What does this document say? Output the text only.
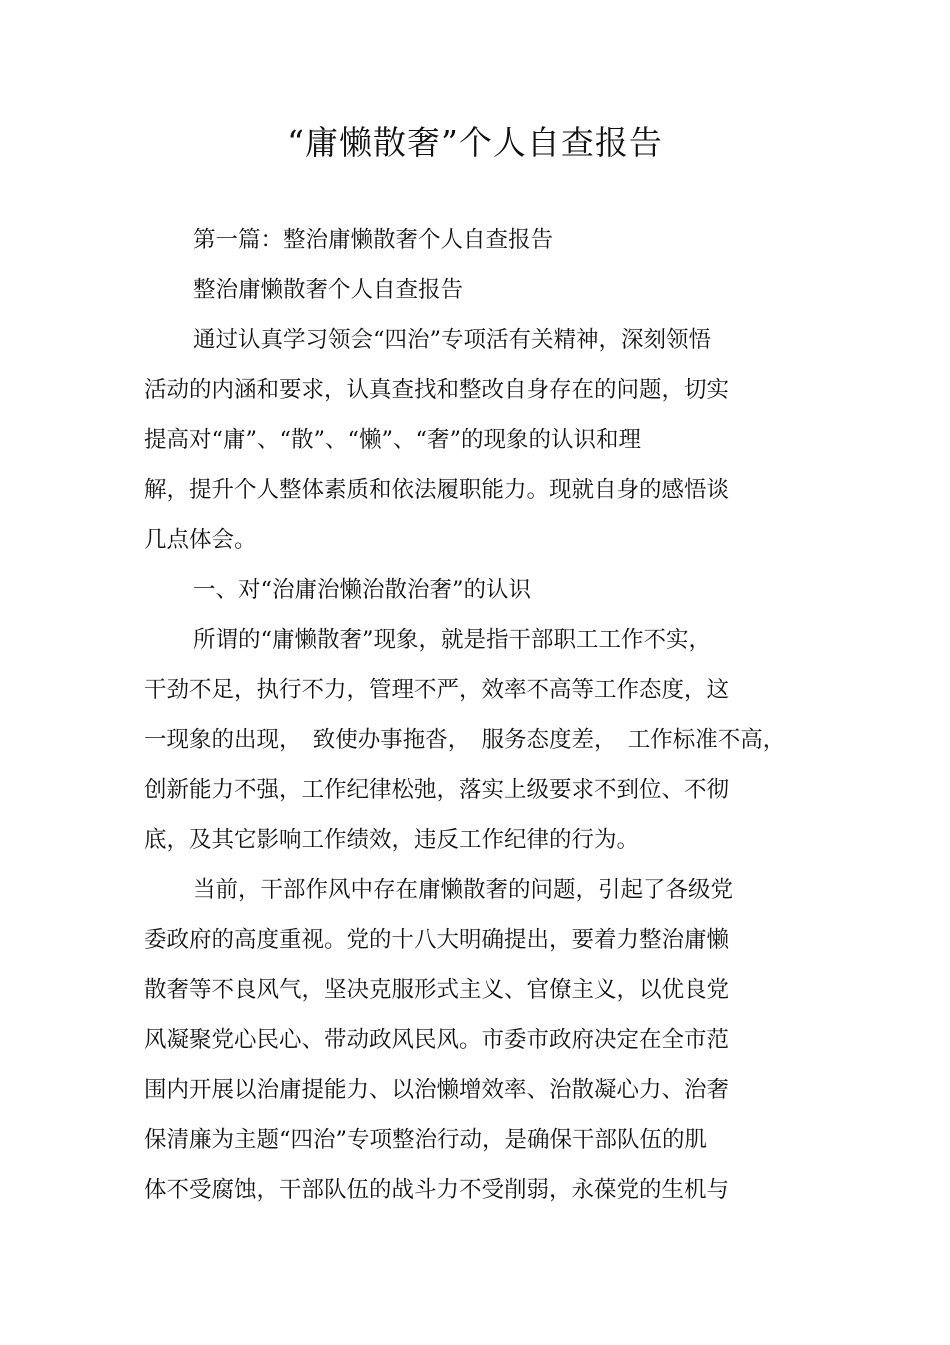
“庸懒散奢”个人自查报告
第一篇：整治庸懒散奢个人自查报告
整治庸懒散奢个人自查报告
通过认真学习领会“四治”专项活有关精神，深刻领悟
活动的内涵和要求，认真查找和整改自身存在的问题，切实
提高对“庸”、“散”、“懒”、“奢”的现象的认识和理
解，提升个人整体素质和依法履职能力。现就自身的感悟谈
几点体会。
一、对“治庸治懒治散治奢”的认识
所谓的“庸懒散奢”现象，就是指干部职工工作不实，
干劲不足，执行不力，管理不严，效率不高等工作态度，这
一现象的出现，　致使办事拖沓，　服务态度差，　工作标准不高，
创新能力不强，工作纪律松弛，落实上级要求不到位、不彻
底，及其它影响工作绩效，违反工作纪律的行为。
当前，干部作风中存在庸懒散奢的问题，引起了各级党
委政府的高度重视。党的十八大明确提出，要着力整治庸懒
散奢等不良风气，坚决克服形式主义、官僚主义，以优良党
风凝聚党心民心、带动政风民风。市委市政府决定在全市范
围内开展以治庸提能力、以治懒增效率、治散凝心力、治奢
保清廉为主题“四治”专项整治行动，是确保干部队伍的肌
体不受腐蚀，干部队伍的战斗力不受削弱，永葆党的生机与
